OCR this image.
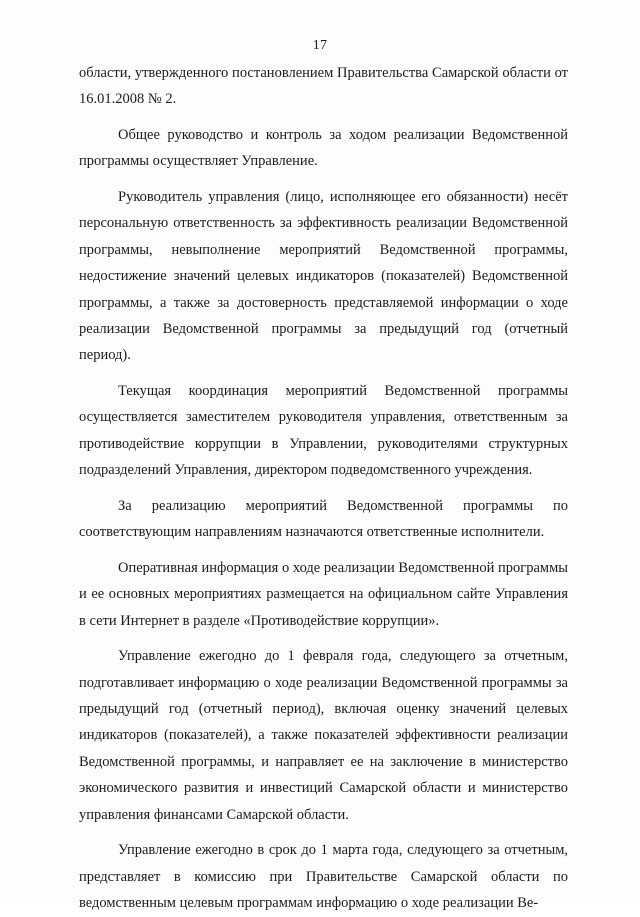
17

области, утвержденного постановлением Правительства Самарской области от 16.01.2008 № 2.

Общее руководство и контроль за ходом реализации Ведомственной программы осуществляет Управление.

Руководитель управления (лицо, исполняющее его обязанности) несёт персональную ответственность за эффективность реализации Ведомственной программы, невыполнение мероприятий Ведомственной программы, недостижение значений целевых индикаторов (показателей) Ведомственной программы, а также за достоверность представляемой информации о ходе реализации Ведомственной программы за предыдущий год (отчетный период).

Текущая координация мероприятий Ведомственной программы осуществляется заместителем руководителя управления, ответственным за противодействие коррупции в Управлении, руководителями структурных подразделений Управления, директором подведомственного учреждения.

За реализацию мероприятий Ведомственной программы по соответствующим направлениям назначаются ответственные исполнители.

Оперативная информация о ходе реализации Ведомственной программы и ее основных мероприятиях размещается на официальном сайте Управления в сети Интернет в разделе «Противодействие коррупции».

Управление ежегодно до 1 февраля года, следующего за отчетным, подготавливает информацию о ходе реализации Ведомственной программы за предыдущий год (отчетный период), включая оценку значений целевых индикаторов (показателей), а также показателей эффективности реализации Ведомственной программы, и направляет ее на заключение в министерство экономического развития и инвестиций Самарской области и министерство управления финансами Самарской области.

Управление ежегодно в срок до 1 марта года, следующего за отчетным, представляет в комиссию при Правительстве Самарской области по ведомственным целевым программам информацию о ходе реализации Ве-
